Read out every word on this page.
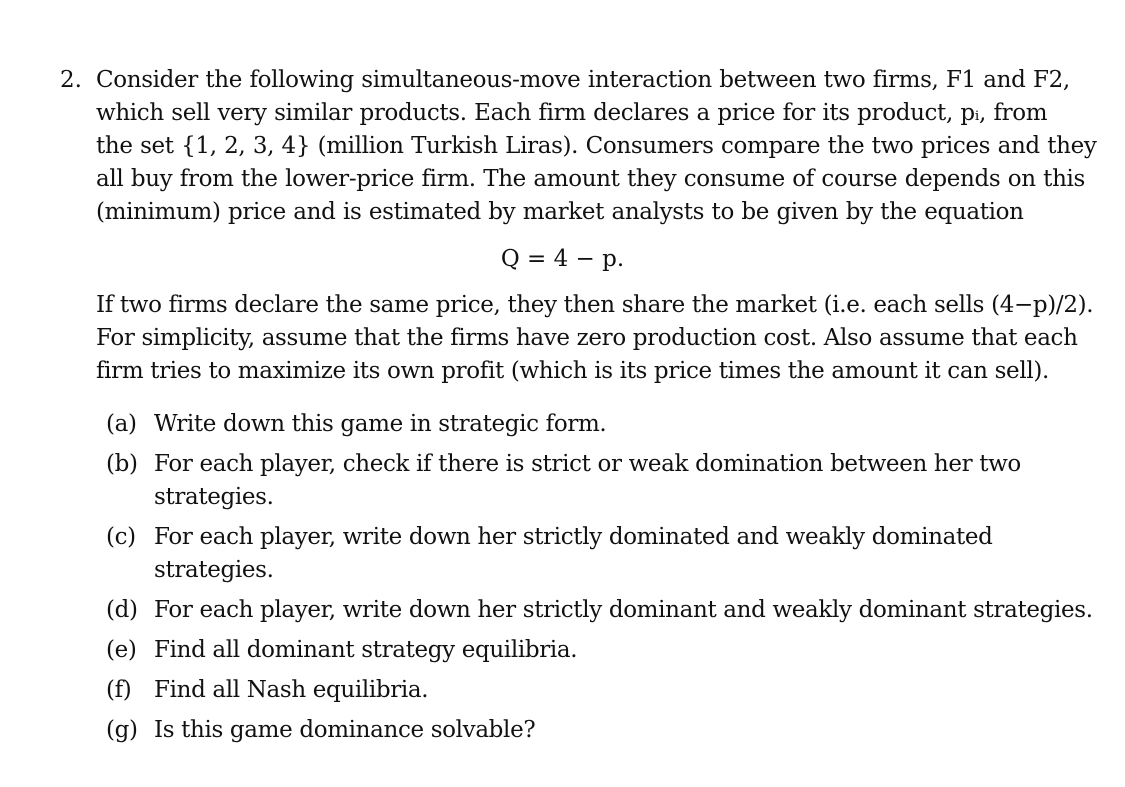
2. Consider the following simultaneous-move interaction between two firms, F1 and F2,
which sell very similar products. Each firm declares a price for its product, pᵢ, from
the set {1, 2, 3, 4} (million Turkish Liras). Consumers compare the two prices and they
all buy from the lower-price firm. The amount they consume of course depends on this
(minimum) price and is estimated by market analysts to be given by the equation
Q = 4 − p.
If two firms declare the same price, they then share the market (i.e. each sells (4−p)/2).
For simplicity, assume that the firms have zero production cost. Also assume that each
firm tries to maximize its own profit (which is its price times the amount it can sell).
(a) Write down this game in strategic form.
(b) For each player, check if there is strict or weak domination between her two strategies.
(c) For each player, write down her strictly dominated and weakly dominated strategies.
(d) For each player, write down her strictly dominant and weakly dominant strategies.
(e) Find all dominant strategy equilibria.
(f) Find all Nash equilibria.
(g) Is this game dominance solvable?
